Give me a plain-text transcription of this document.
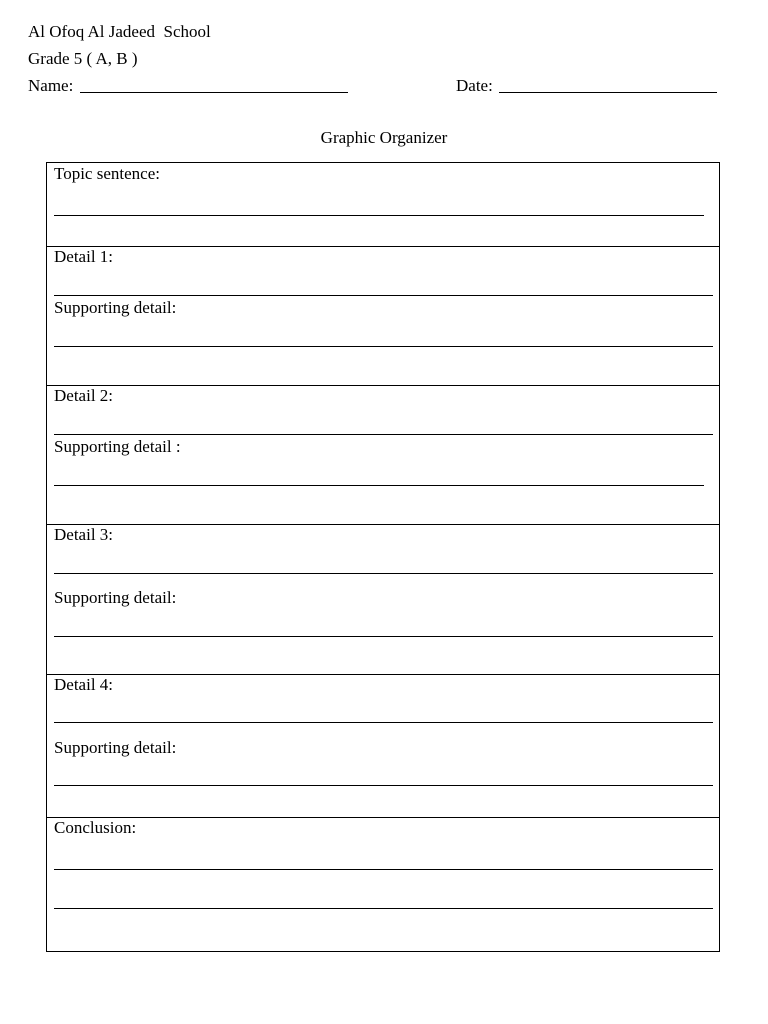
Al Ofoq Al Jadeed  School
Grade 5 ( A, B )
Name:	Date:
Graphic Organizer
Topic sentence:
Detail 1:
Supporting detail:
Detail 2:
Supporting detail :
Detail 3:
Supporting detail:
Detail 4:
Supporting detail:
Conclusion:
